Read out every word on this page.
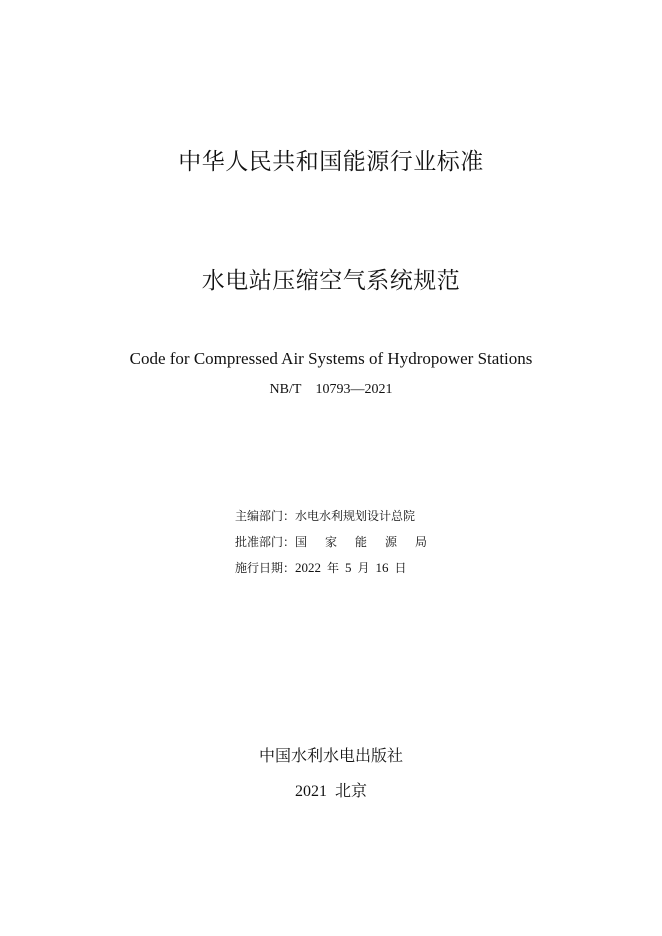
中华人民共和国能源行业标准
水电站压缩空气系统规范
Code for Compressed Air Systems of Hydropower Stations
NB/T 10793—2021
主编部门：水电水利规划设计总院
批准部门：国家能源局
施行日期：2022 年 5 月 16 日
中国水利水电出版社
2021 北京
